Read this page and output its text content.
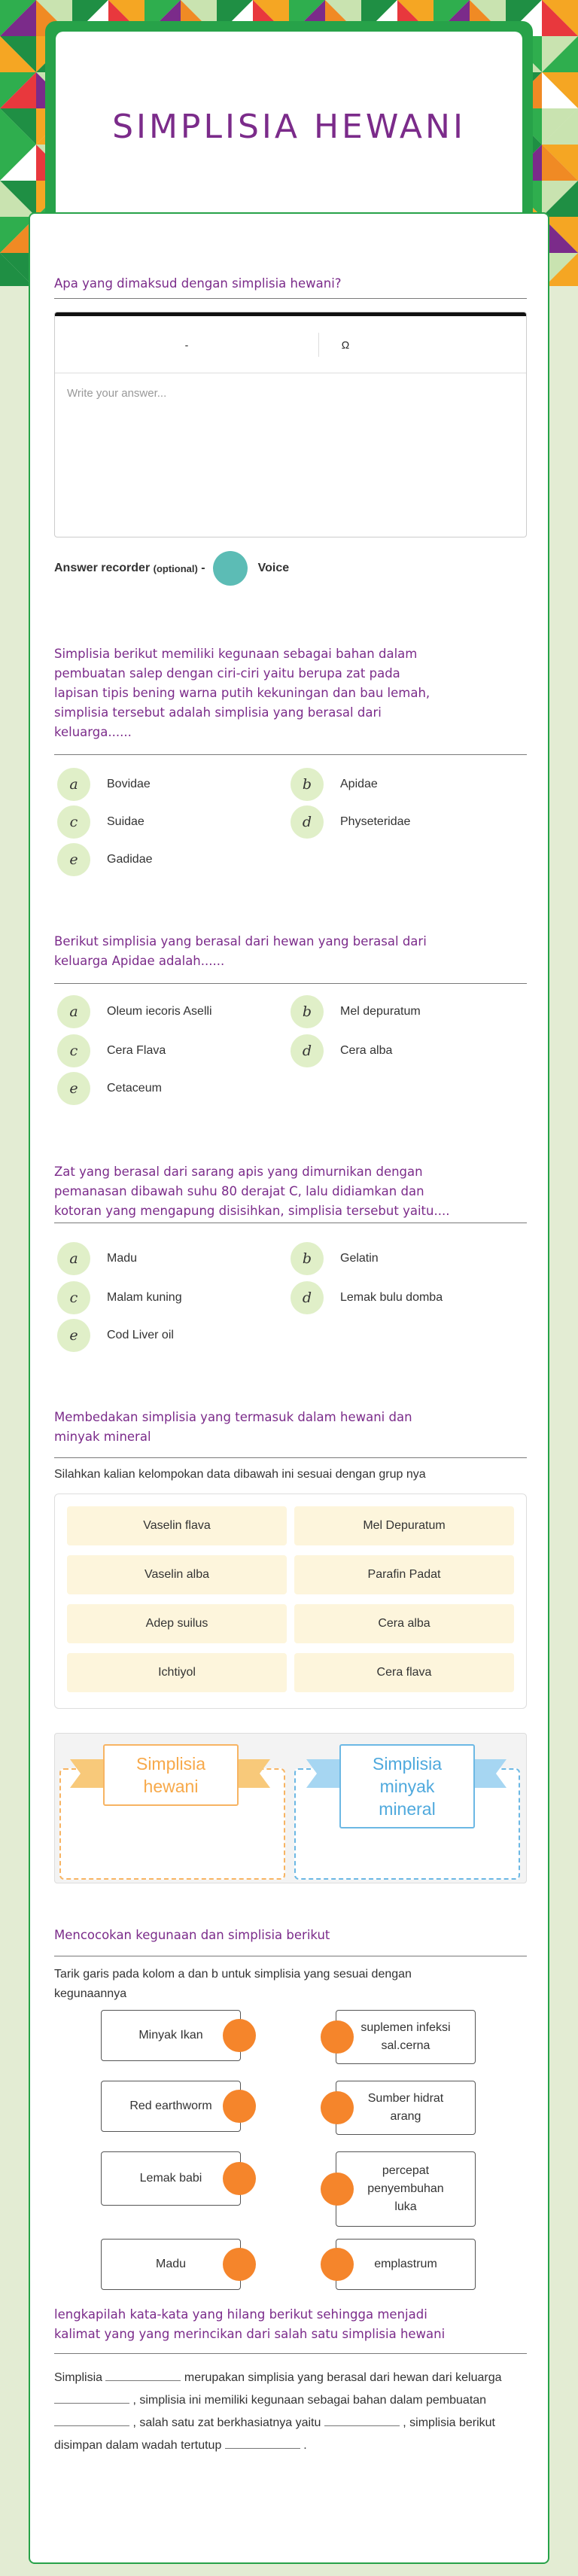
SIMPLISIA HEWANI
Apa yang dimaksud dengan simplisia hewani?
-	Ω
Write your answer...
Answer recorder
(optional)
-	Voice
Simplisia berikut memiliki kegunaan sebagai bahan dalam
pembuatan salep dengan ciri-ciri yaitu berupa zat pada
lapisan tipis bening warna putih kekuningan dan bau lemah,
simplisia tersebut adalah simplisia yang berasal dari
keluarga......
a	Bovidae	b	Apidae
c	Suidae	d	Physeteridae
e	Gadidae
Berikut simplisia yang berasal dari hewan yang berasal dari
keluarga Apidae adalah......
a	Oleum iecoris Aselli	b	Mel depuratum
c	Cera Flava	d	Cera alba
e	Cetaceum
Zat yang berasal dari sarang apis yang dimurnikan dengan
pemanasan dibawah suhu 80 derajat C, lalu didiamkan dan
kotoran yang mengapung disisihkan, simplisia tersebut yaitu....
a	Madu	b	Gelatin
c	Malam kuning	d	Lemak bulu domba
e	Cod Liver oil
Membedakan simplisia yang termasuk dalam hewani dan
minyak mineral
Silahkan kalian kelompokan data dibawah ini sesuai dengan grup nya
Vaselin flava	Mel Depuratum
Vaselin alba	Parafin Padat
Adep suilus	Cera alba
Ichtiyol	Cera flava
Simplisia
hewani
Simplisia
minyak
mineral
Mencocokan kegunaan dan simplisia berikut
Tarik garis pada kolom a dan b untuk simplisia yang sesuai dengan
kegunaannya
Minyak Ikan
Red earthworm
Lemak babi
Madu
suplemen infeksi
sal.cerna
Sumber hidrat
arang
percepat
penyembuhan
luka
emplastrum
lengkapilah kata-kata yang hilang berikut sehingga menjadi
kalimat yang yang merincikan dari salah satu simplisia hewani
Simplisia	merupakan simplisia yang berasal dari hewan dari keluarga  , simplisia ini memiliki kegunaan sebagai bahan dalam pembuatan  , salah satu zat berkhasiatnya yaitu	, simplisia berikut disimpan dalam wadah tertutup	.
